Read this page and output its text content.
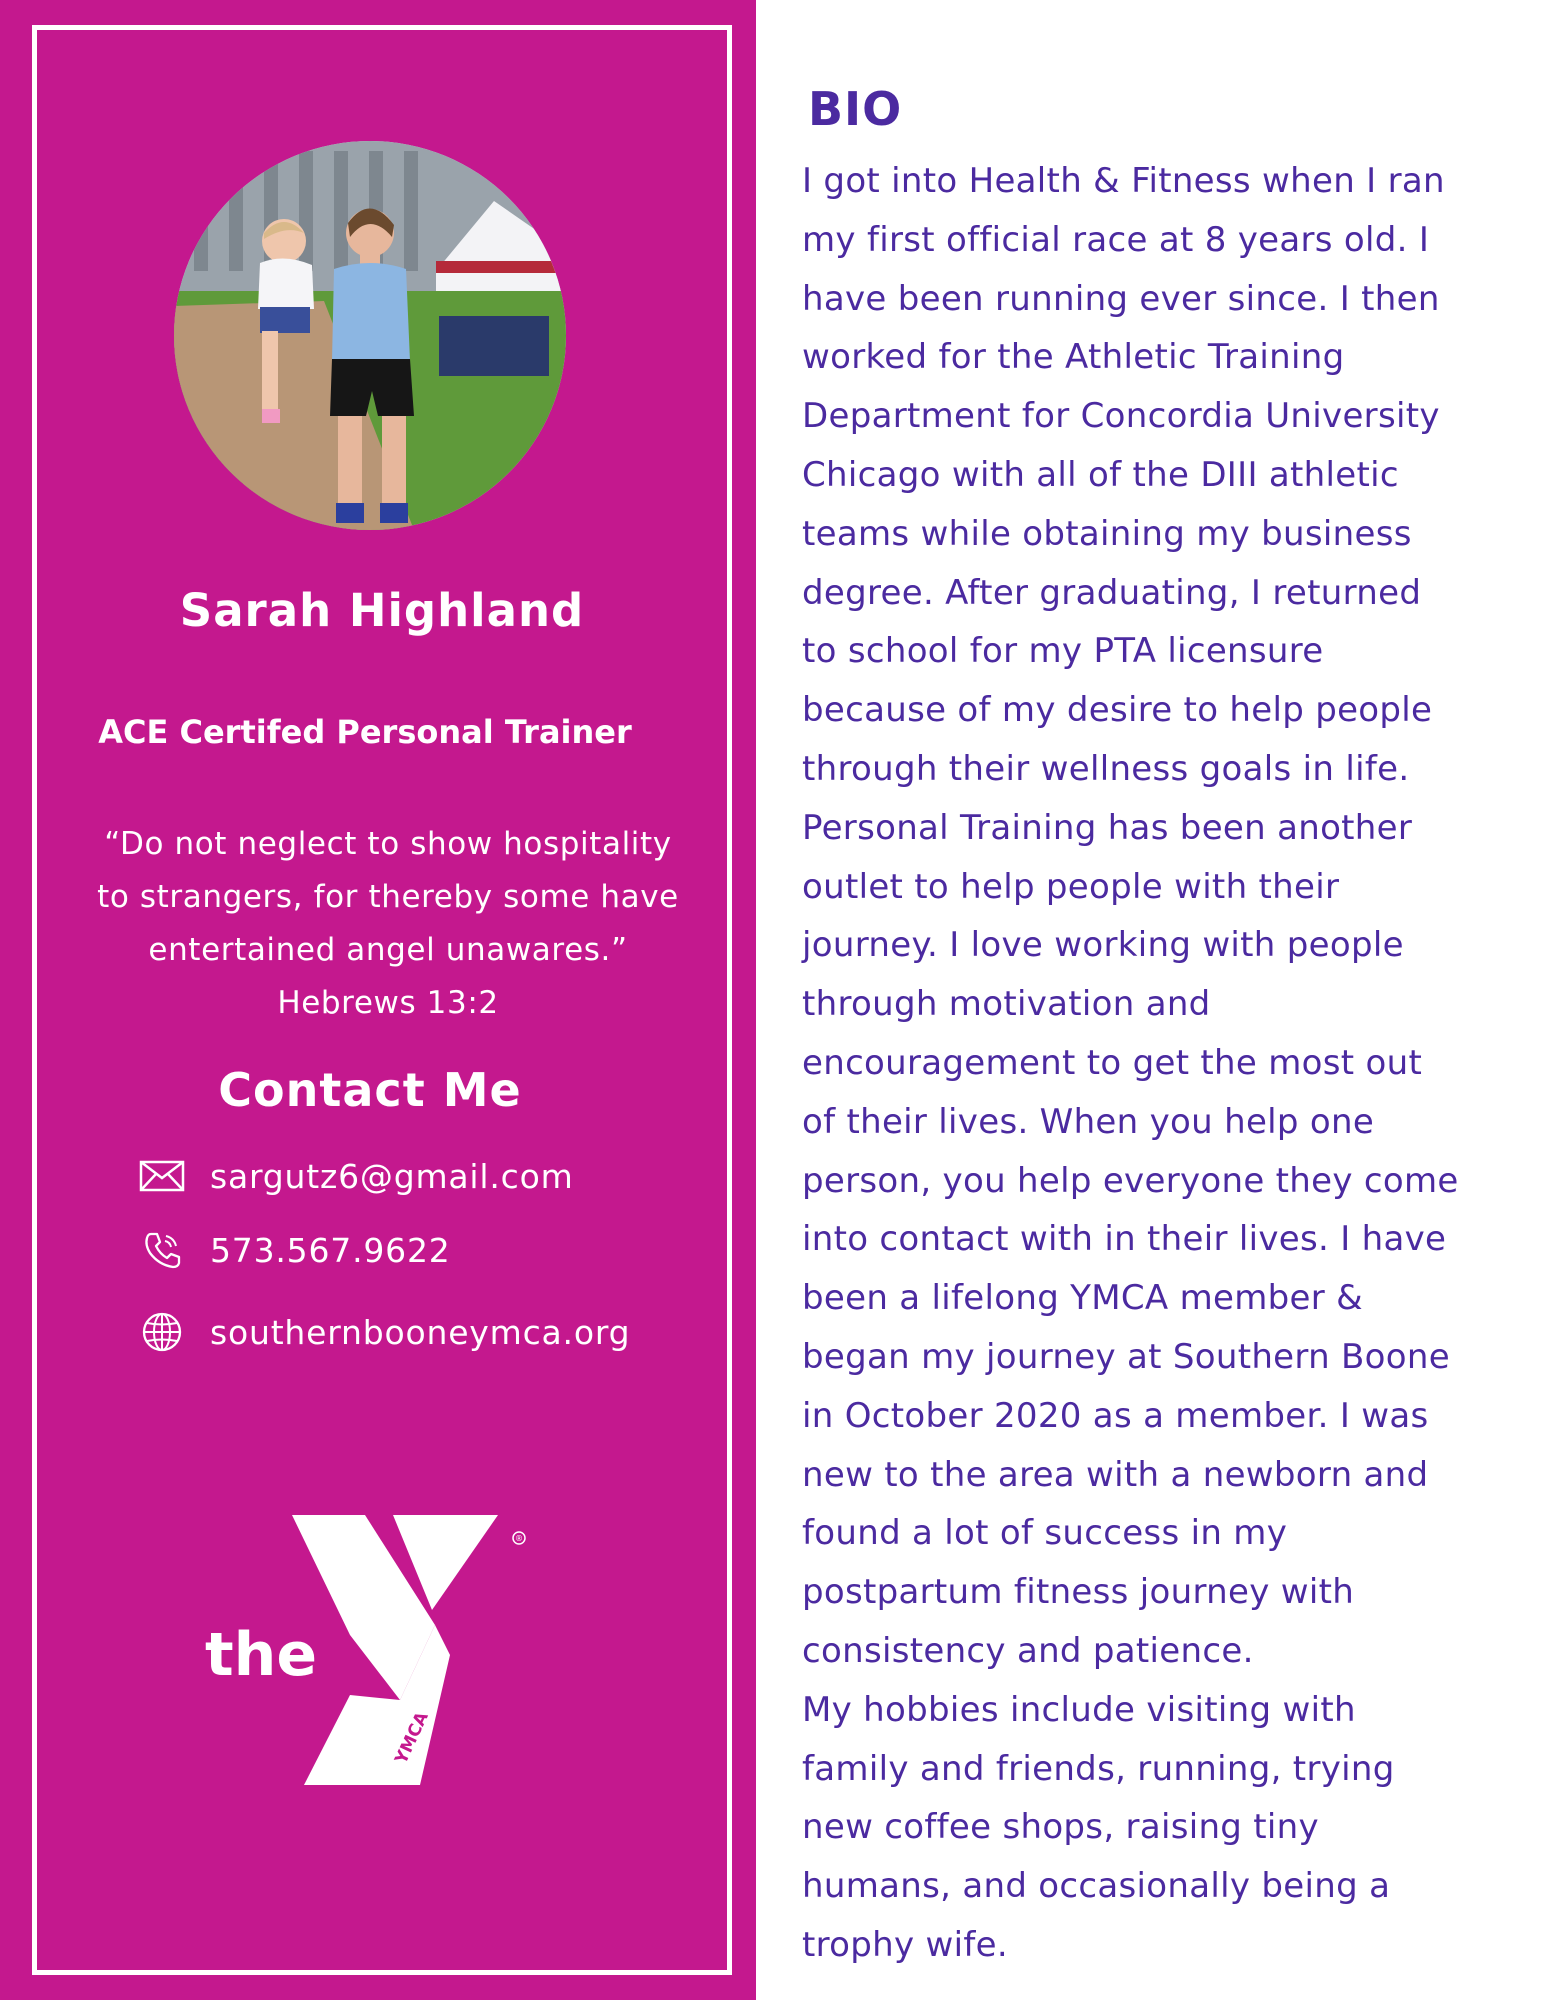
Sarah Highland
ACE Certifed Personal Trainer
“Do not neglect to show hospitality
to strangers, for thereby some have
entertained angel unawares.”
Hebrews 13:2
Contact Me
sargutz6@gmail.com
573.567.9622
southernbooneymca.org
®
the
YMCA
BIO
I got into Health & Fitness when I ran
my first official race at 8 years old. I
have been running ever since. I then
worked for the Athletic Training
Department for Concordia University
Chicago with all of the DIII athletic
teams while obtaining my business
degree. After graduating, I returned
to school for my PTA licensure
because of my desire to help people
through their wellness goals in life.
Personal Training has been another
outlet to help people with their
journey. I love working with people
through motivation and
encouragement to get the most out
of their lives. When you help one
person, you help everyone they come
into contact with in their lives. I have
been a lifelong YMCA member &
began my journey at Southern Boone
in October 2020 as a member. I was
new to the area with a newborn and
found a lot of success in my
postpartum fitness journey with
consistency and patience.
My hobbies include visiting with
family and friends, running, trying
new coffee shops, raising tiny
humans, and occasionally being a
trophy wife.
